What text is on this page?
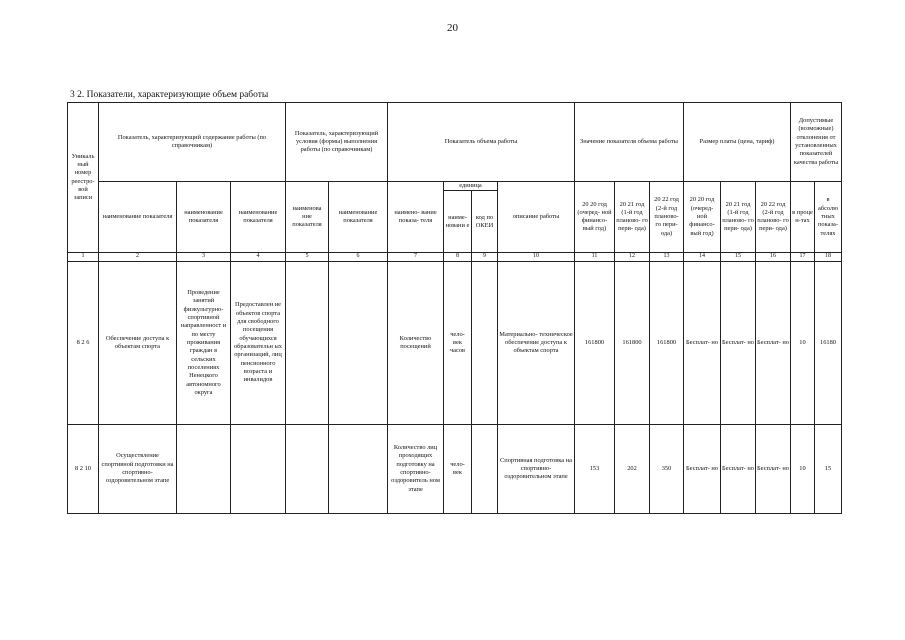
20
3 2. Показатели, характеризующие объем работы
Уникаль ный номер реестро- вой записи	Показатель, характеризующий содержание работы (по справочникам)			Показатель, характеризующий условия (формы) выполнения работы (по справочникам)		Показатель объема работы				Значение показателя объема работы			Размер платы (цена, тариф)			Допустимые (возможные) отклонения от установленных показателей качества работы	
	наименование показателя	наименование показателя	наименование показателя	наименова ние показателя	наименование показателя	наимено- вание показа- теля	единица		описание работы	20 20 год (очеред- ной финансо- вый год)	20 21 год (1-й год планово- го пери- ода)	20 22 год (2-й год планово- го пери- ода)	20 20 год (очеред- ной финансо- вый год)	20 21 год (1-й год планово- го пери- ода)	20 22 год (2-й год планово- го пери- ода)	в проце н-тах	в абсолю тных показа- телях
							наиме- новани е	код по ОКЕИ									
1	2	3	4	5	6	7	8	9	10	11	12	13	14	15	16	17	18
8 2 6	Обеспечение доступа к объектам спорта	Проведение занятий физкультурно- спортивной направленност и по месту проживания граждан в сельских поселениях Ненецкого автономного округа	Предоставлен ие объектов спорта для свободного посещения обучающихся образовательн ых организаций, лиц пенсионного возраста и инвалидов			Количество посещений	чело- век часов		Материально- техническое обеспечение доступа к объектам спорта	161800	161800	161800	Бесплат- но	Бесплат- но	Бесплат- но	10	16180
8 2 10	Осуществление спортивной подготовки на спортивно- оздоровительном этапе					Количество лиц проходящих подготовку на спортивно- оздоровитель ном этапе	чело- век		Спортивная подготовка на спортивно- оздоровительном этапе	153	202	350	Бесплат- но	Бесплат- но	Бесплат- но	10	15
